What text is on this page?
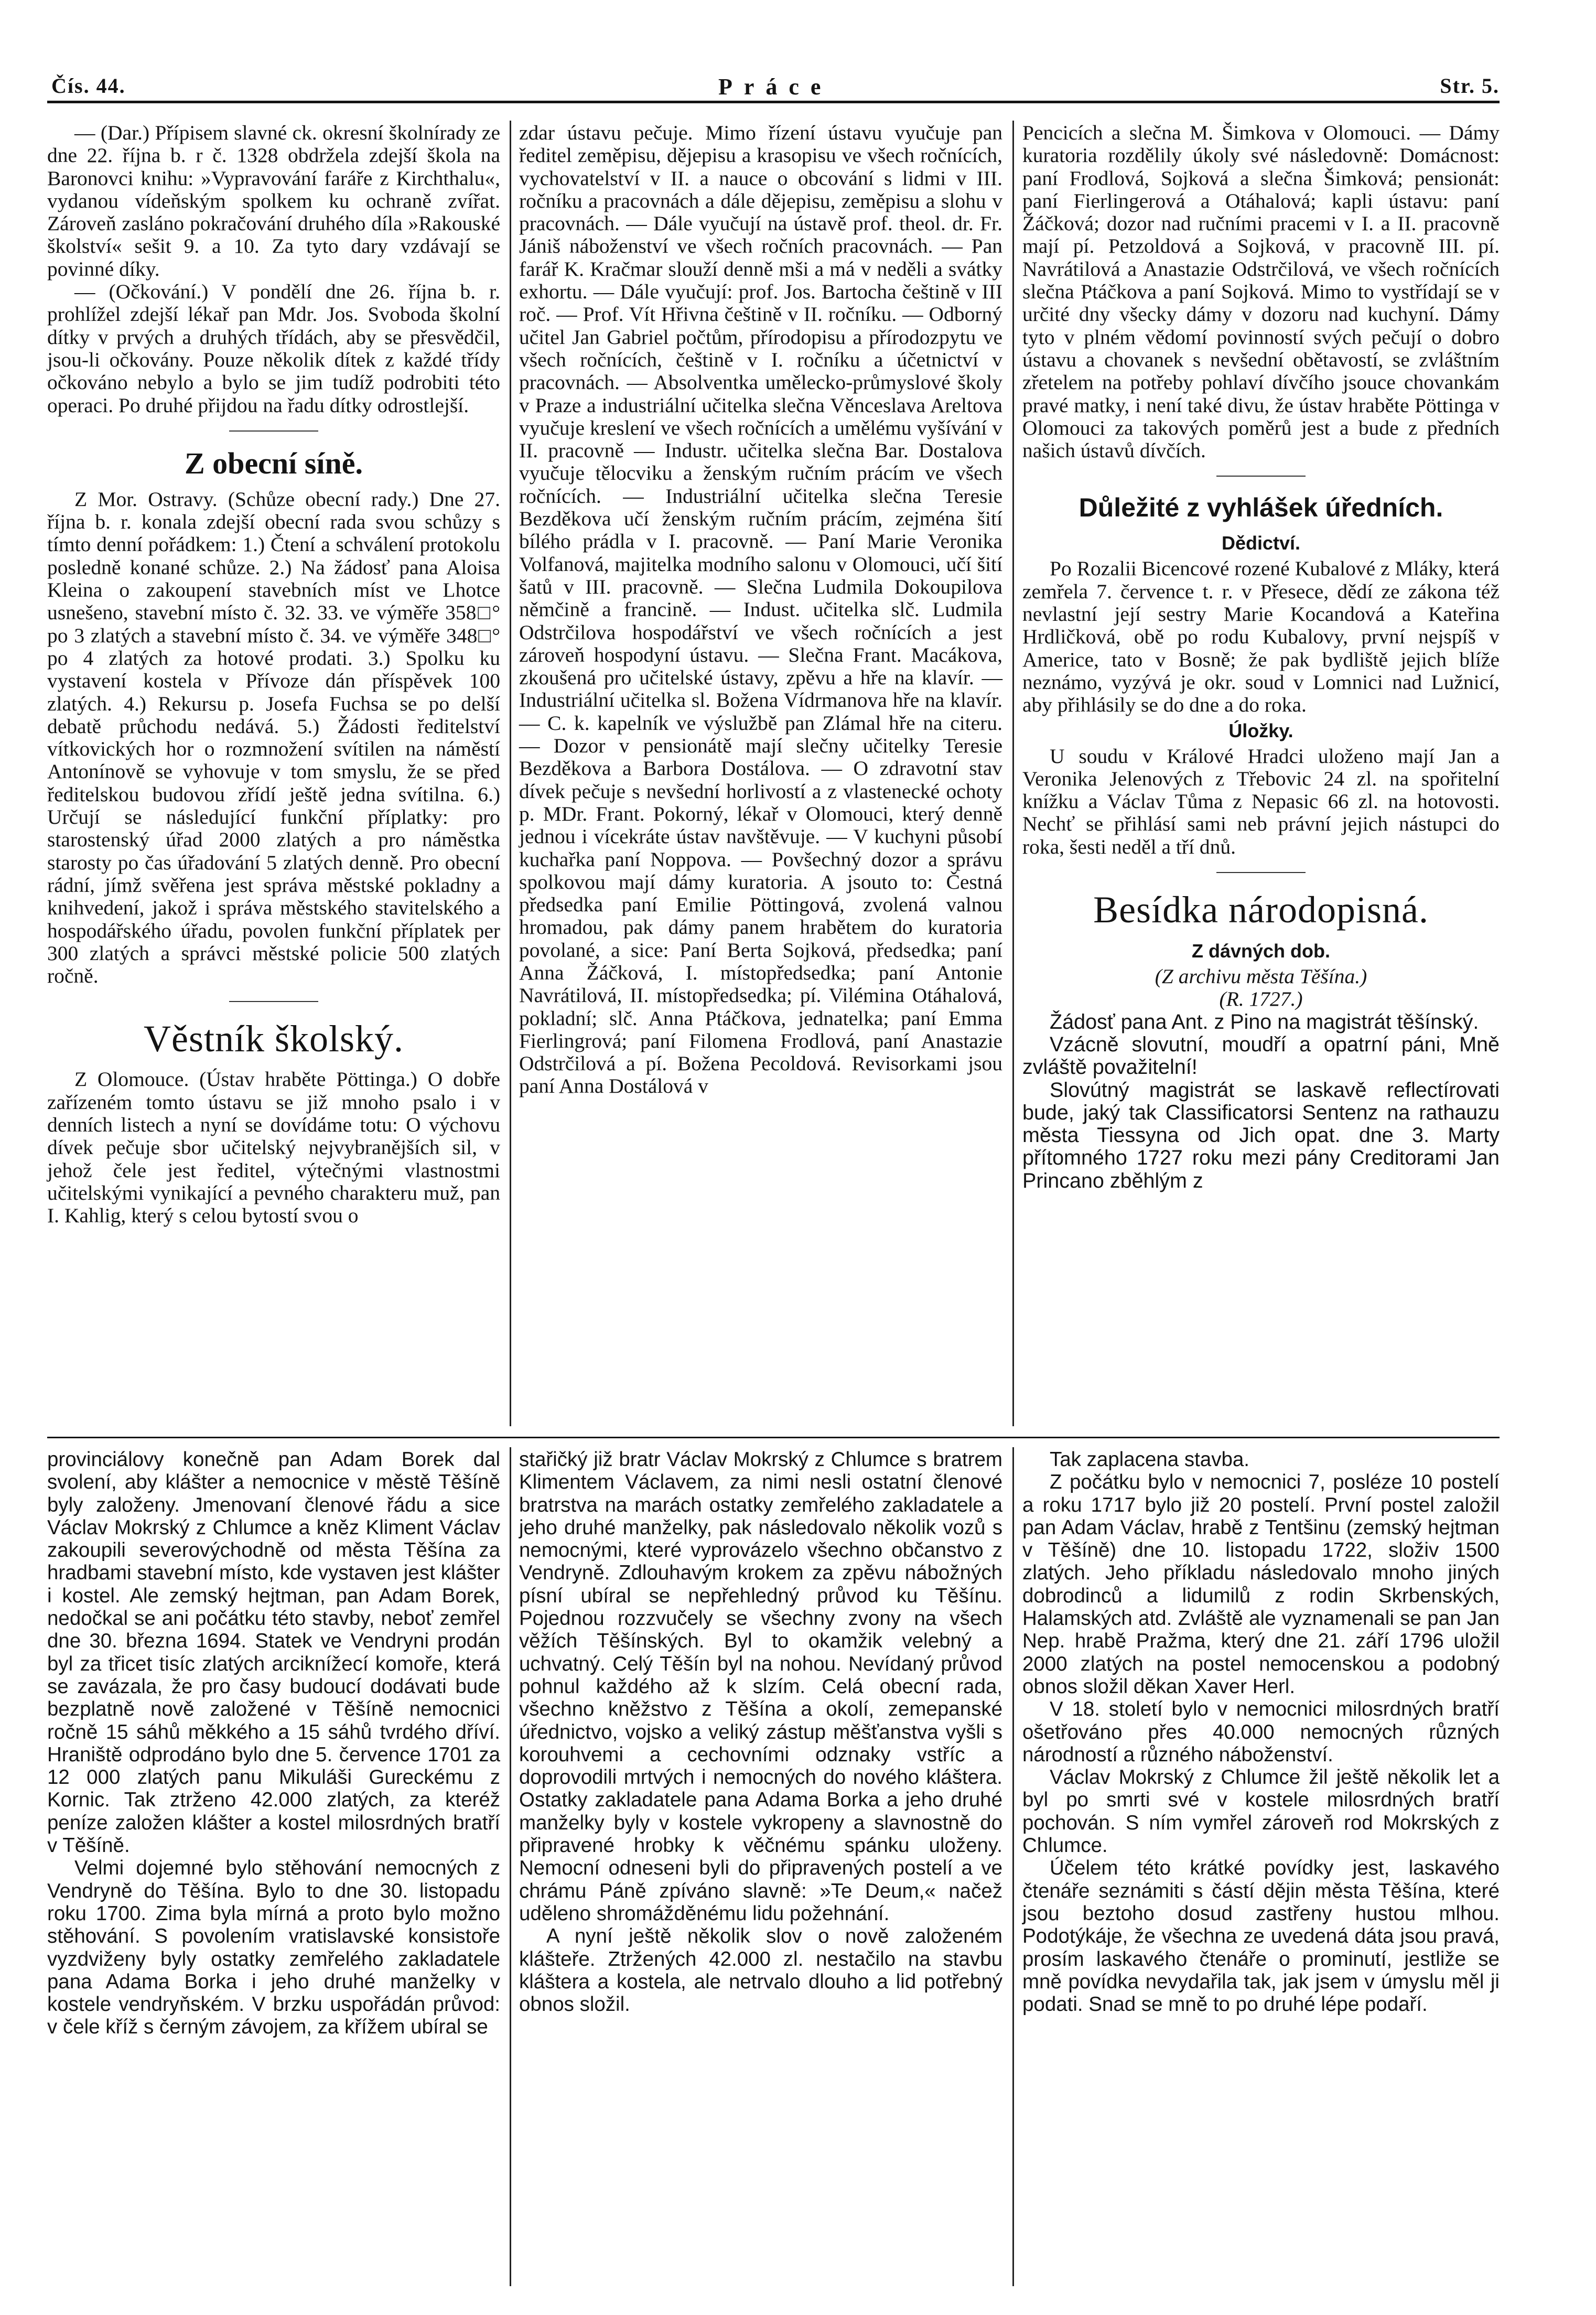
Čís. 44.	Práce	Str. 5.

— (Dar.) Přípisem slavné ck. okresní školnírady ze dne 22. října b. r č. 1328 obdržela zdejší škola na Baronovci knihu: »Vypravování faráře z Kirchthalu«, vydanou vídeňským spolkem ku ochraně zvířat. Zároveň zasláno pokračování druhého díla »Rakouské školství« sešit 9. a 10. Za tyto dary vzdávají se povinné díky.

— (Očkování.) V pondělí dne 26. října b. r. prohlížel zdejší lékař pan Mdr. Jos. Svoboda školní dítky v prvých a druhých třídách, aby se přesvědčil, jsou-li očkovány. Pouze několik dítek z každé třídy očkováno nebylo a bylo se jim tudíž podrobiti této operaci. Po druhé přijdou na řadu dítky odrostlejší.

Z obecní síně.

Z Mor. Ostravy. (Schůze obecní rady.) Dne 27. října b. r. konala zdejší obecní rada svou schůzy s tímto denní pořádkem: 1.) Čtení a schválení protokolu posledně konané schůze. 2.) Na žádosť pana Aloisa Kleina o zakoupení stavebních míst ve Lhotce usnešeno, stavební místo č. 32. 33. ve výměře 358□° po 3 zlatých a stavební místo č. 34. ve výměře 348□° po 4 zlatých za hotové prodati. 3.) Spolku ku vystavení kostela v Přívoze dán příspěvek 100 zlatých. 4.) Rekursu p. Josefa Fuchsa se po delší debatě průchodu nedává. 5.) Žádosti ředitelství vítkovických hor o rozmnožení svítilen na náměstí Antonínově se vyhovuje v tom smyslu, že se před ředitelskou budovou zřídí ještě jedna svítilna. 6.) Určují se následující funkční příplatky: pro starostenský úřad 2000 zlatých a pro náměstka starosty po čas úřadování 5 zlatých denně. Pro obecní rádní, jímž svěřena jest správa městské pokladny a knihvedení, jakož i správa městského stavitelského a hospodářského úřadu, povolen funkční příplatek per 300 zlatých a správci městské policie 500 zlatých ročně.

Věstník školský.

Z Olomouce. (Ústav hraběte Pöttinga.) O dobře zařízeném tomto ústavu se již mnoho psalo i v denních listech a nyní se dovídáme totu: O výchovu dívek pečuje sbor učitelský nejvybranějších sil, v jehož čele jest ředitel, výtečnými vlastnostmi učitelskými vynikající a pevného charakteru muž, pan I. Kahlig, který s celou bytostí svou o

zdar ústavu pečuje. Mimo řízení ústavu vyučuje pan ředitel zeměpisu, dějepisu a krasopisu ve všech ročnících, vychovatelství v II. a nauce o obcování s lidmi v III. ročníku a pracovnách a dále dějepisu, zeměpisu a slohu v pracovnách. — Dále vyučují na ústavě prof. theol. dr. Fr. Jániš náboženství ve všech ročních pracovnách. — Pan farář K. Kračmar slouží denně mši a má v neděli a svátky exhortu. — Dále vyučují: prof. Jos. Bartocha češtině v III roč. — Prof. Vít Hřivna češtině v II. ročníku. — Odborný učitel Jan Gabriel počtům, přírodopisu a přírodozpytu ve všech ročnících, češtině v I. ročníku a účetnictví v pracovnách. — Absolventka umělecko-průmyslové školy v Praze a industriální učitelka slečna Věnceslava Areltova vyučuje kreslení ve všech ročnících a umělému vyšívání v II. pracovně — Industr. učitelka slečna Bar. Dostalova vyučuje tělocviku a ženským ručním prácím ve všech ročnících. — Industriální učitelka slečna Teresie Bezděkova učí ženským ručním prácím, zejména šití bílého prádla v I. pracovně. — Paní Marie Veronika Volfanová, majitelka modního salonu v Olomouci, učí šití šatů v III. pracovně. — Slečna Ludmila Dokoupilova němčině a francině. — Indust. učitelka slč. Ludmila Odstrčilova hospodářství ve všech ročnících a jest zároveň hospodyní ústavu. — Slečna Frant. Macákova, zkoušená pro učitelské ústavy, zpěvu a hře na klavír. — Industriální učitelka sl. Božena Vídrmanova hře na klavír. — C. k. kapelník ve výslužbě pan Zlámal hře na citeru. — Dozor v pensionátě mají slečny učitelky Teresie Bezděkova a Barbora Dostálova. — O zdravotní stav dívek pečuje s nevšední horlivostí a z vlastenecké ochoty p. MDr. Frant. Pokorný, lékař v Olomouci, který denně jednou i vícekráte ústav navštěvuje. — V kuchyni působí kuchařka paní Noppova. — Povšechný dozor a správu spolkovou mají dámy kuratoria. A jsouto to: Čestná předsedka paní Emilie Pöttingová, zvolená valnou hromadou, pak dámy panem hrabětem do kuratoria povolané, a sice: Paní Berta Sojková, předsedka; paní Anna Žáčková, I. místopředsedka; paní Antonie Navrátilová, II. místopředsedka; pí. Vilémina Otáhalová, pokladní; slč. Anna Ptáčkova, jednatelka; paní Emma Fierlingrová; paní Filomena Frodlová, paní Anastazie Odstrčilová a pí. Božena Pecoldová. Revisorkami jsou paní Anna Dostálová v

Pencicích a slečna M. Šimkova v Olomouci. — Dámy kuratoria rozdělily úkoly své následovně: Domácnost: paní Frodlová, Sojková a slečna Šimková; pensionát: paní Fierlingerová a Otáhalová; kapli ústavu: paní Žáčková; dozor nad ručními pracemi v I. a II. pracovně mají pí. Petzoldová a Sojková, v pracovně III. pí. Navrátilová a Anastazie Odstrčilová, ve všech ročnících slečna Ptáčkova a paní Sojková. Mimo to vystřídají se v určité dny všecky dámy v dozoru nad kuchyní. Dámy tyto v plném vědomí povinností svých pečují o dobro ústavu a chovanek s nevšední obětavostí, se zvláštním zřetelem na potřeby pohlaví dívčího jsouce chovankám pravé matky, i není také divu, že ústav hraběte Pöttinga v Olomouci za takových poměrů jest a bude z předních našich ústavů dívčích.

Důležité z vyhlášek úředních.
Dědictví.

Po Rozalii Bicencové rozené Kubalové z Mláky, která zemřela 7. července t. r. v Přesece, dědí ze zákona též nevlastní její sestry Marie Kocandová a Kateřina Hrdličková, obě po rodu Kubalovy, první nejspíš v Americe, tato v Bosně; že pak bydliště jejich blíže neznámo, vyzývá je okr. soud v Lomnici nad Lužnicí, aby přihlásily se do dne a do roka.

Úložky.

U soudu v Králové Hradci uloženo mají Jan a Veronika Jelenových z Třebovic 24 zl. na spořitelní knížku a Václav Tůma z Nepasic 66 zl. na hotovosti. Nechť se přihlásí sami neb právní jejich nástupci do roka, šesti neděl a tří dnů.

Besídka národopisná.
Z dávných dob.

(Z archivu města Těšína.)

(R. 1727.)

Žádosť pana Ant. z Pino na magistrát těšínský.

Vzácně slovutní, moudří a opatrní páni, Mně zvláště považitelní!

Slovútný magistrát se laskavě reflectírovati bude, jaký tak Classificatorsi Sentenz na rathauzu města Tiessyna od Jich opat. dne 3. Marty přítomného 1727 roku mezi pány Creditorami Jan Princano zběhlým z

provinciálovy konečně pan Adam Borek dal svolení, aby klášter a nemocnice v městě Těšíně byly založeny. Jmenovaní členové řádu a sice Václav Mokrský z Chlumce a kněz Kliment Václav zakoupili severovýchodně od města Těšína za hradbami stavební místo, kde vystaven jest klášter i kostel. Ale zemský hejtman, pan Adam Borek, nedočkal se ani počátku této stavby, neboť zemřel dne 30. března 1694. Statek ve Vendryni prodán byl za třicet tisíc zlatých arciknížecí komoře, která se zavázala, že pro časy budoucí dodávati bude bezplatně nově založené v Těšíně nemocnici ročně 15 sáhů měkkého a 15 sáhů tvrdého dříví. Hraniště odprodáno bylo dne 5. července 1701 za 12 000 zlatých panu Mikuláši Gureckému z Kornic. Tak ztrženo 42.000 zlatých, za kteréž peníze založen klášter a kostel milosrdných bratří v Těšíně.

Velmi dojemné bylo stěhování nemocných z Vendryně do Těšína. Bylo to dne 30. listopadu roku 1700. Zima byla mírná a proto bylo možno stěhování. S povolením vratislavské konsistoře vyzdviženy byly ostatky zemřelého zakladatele pana Adama Borka i jeho druhé manželky v kostele vendryňském. V brzku uspořádán průvod: v čele kříž s černým závojem, za křížem ubíral se

stařičký již bratr Václav Mokrský z Chlumce s bratrem Klimentem Václavem, za nimi nesli ostatní členové bratrstva na marách ostatky zemřelého zakladatele a jeho druhé manželky, pak následovalo několik vozů s nemocnými, které vyprovázelo všechno občanstvo z Vendryně. Zdlouhavým krokem za zpěvu nábožných písní ubíral se nepřehledný průvod ku Těšínu. Pojednou rozzvučely se všechny zvony na všech věžích Těšínských. Byl to okamžik velebný a uchvatný. Celý Těšín byl na nohou. Nevídaný průvod pohnul každého až k slzím. Celá obecní rada, všechno kněžstvo z Těšína a okolí, zemepanské úřednictvo, vojsko a veliký zástup měšťanstva vyšli s korouhvemi a cechovními odznaky vstříc a doprovodili mrtvých i nemocných do nového kláštera. Ostatky zakladatele pana Adama Borka a jeho druhé manželky byly v kostele vykropeny a slavnostně do připravené hrobky k věčnému spánku uloženy. Nemocní odneseni byli do připravených postelí a ve chrámu Páně zpíváno slavně: »Te Deum,« načež uděleno shromážděnému lidu požehnání.

A nyní ještě několik slov o nově založeném klášteře. Ztržených 42.000 zl. nestačilo na stavbu kláštera a kostela, ale netrvalo dlouho a lid potřebný obnos složil.

Tak zaplacena stavba.

Z počátku bylo v nemocnici 7, posléze 10 postelí a roku 1717 bylo již 20 postelí. První postel založil pan Adam Václav, hrabě z Tentšinu (zemský hejtman v Těšíně) dne 10. listopadu 1722, složiv 1500 zlatých. Jeho příkladu následovalo mnoho jiných dobrodinců a lidumilů z rodin Skrbenských, Halamských atd. Zvláště ale vyznamenali se pan Jan Nep. hrabě Pražma, který dne 21. září 1796 uložil 2000 zlatých na postel nemocenskou a podobný obnos složil děkan Xaver Herl.

V 18. století bylo v nemocnici milosrdných bratří ošetřováno přes 40.000 nemocných různých národností a různého náboženství.

Václav Mokrský z Chlumce žil ještě několik let a byl po smrti své v kostele milosrdných bratří pochován. S ním vymřel zároveň rod Mokrských z Chlumce.

Účelem této krátké povídky jest, laskavého čtenáře seznámiti s částí dějin města Těšína, které jsou beztoho dosud zastřeny hustou mlhou. Podotýkáje, že všechna ze uvedená dáta jsou pravá, prosím laskavého čtenáře o prominutí, jestliže se mně povídka nevydařila tak, jak jsem v úmyslu měl ji podati. Snad se mně to po druhé lépe podaří.
